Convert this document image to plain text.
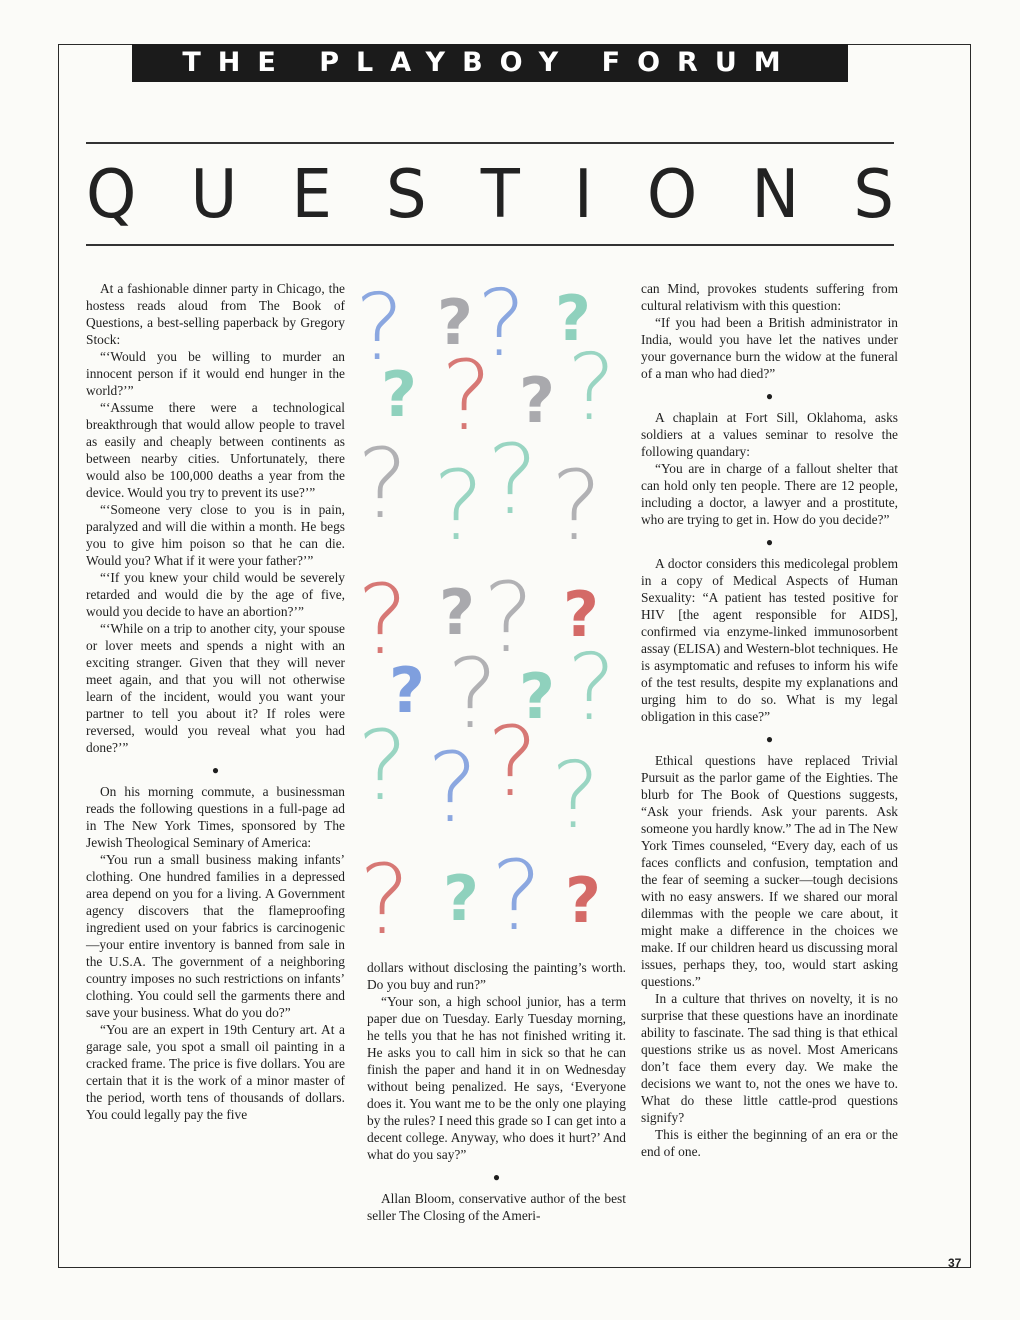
THE PLAYBOY FORUM
Q U E S T I O N S

At a fashionable dinner party in Chicago, the hostess reads aloud from The Book of Questions, a best-selling paperback by Gregory Stock:

“‘Would you be willing to murder an innocent person if it would end hunger in the world?’”

“‘Assume there were a technological breakthrough that would allow people to travel as easily and cheaply between continents as between nearby cities. Unfortunately, there would also be 100,000 deaths a year from the device. Would you try to prevent its use?’”

“‘Someone very close to you is in pain, paralyzed and will die within a month. He begs you to give him poison so that he can die. Would you? What if it were your father?’”

“‘If you knew your child would be severely retarded and would die by the age of five, would you decide to have an abortion?’”

“‘While on a trip to another city, your spouse or lover meets and spends a night with an exciting stranger. Given that they will never meet again, and that you will not otherwise learn of the incident, would you want your partner to tell you about it? If roles were reversed, would you reveal what you had done?’”

●

On his morning commute, a businessman reads the following questions in a full-page ad in The New York Times, sponsored by The Jewish Theological Seminary of America:

“You run a small business making infants’ clothing. One hundred families in a depressed area depend on you for a living. A Government agency discovers that the flameproofing ingredient used on your fabrics is carcinogenic—your entire inventory is banned from sale in the U.S.A. The government of a neighboring country imposes no such restrictions on infants’ clothing. You could sell the garments there and save your business. What do you do?”

“You are an expert in 19th Century art. At a garage sale, you spot a small oil painting in a cracked frame. The price is five dollars. You are certain that it is the work of a minor master of the period, worth tens of thousands of dollars. You could legally pay the five

? ? ? ?
? ? ? ?
? ? ? ?
? ? ? ?
? ? ? ?
? ? ? ?
? ? ? ?

dollars without disclosing the painting’s worth. Do you buy and run?”

“Your son, a high school junior, has a term paper due on Tuesday. Early Tuesday morning, he tells you that he has not finished writing it. He asks you to call him in sick so that he can finish the paper and hand it in on Wednesday without being penalized. He says, ‘Everyone does it. You want me to be the only one playing by the rules? I need this grade so I can get into a decent college. Anyway, who does it hurt?’ And what do you say?”

●

Allan Bloom, conservative author of the best seller The Closing of the Ameri-

can Mind, provokes students suffering from cultural relativism with this question:

“If you had been a British administrator in India, would you have let the natives under your governance burn the widow at the funeral of a man who had died?”

●

A chaplain at Fort Sill, Oklahoma, asks soldiers at a values seminar to resolve the following quandary:

“You are in charge of a fallout shelter that can hold only ten people. There are 12 people, including a doctor, a lawyer and a prostitute, who are trying to get in. How do you decide?”

●

A doctor considers this medicolegal problem in a copy of Medical Aspects of Human Sexuality: “A patient has tested positive for HIV [the agent responsible for AIDS], confirmed via enzyme-linked immunosorbent assay (ELISA) and Western-blot techniques. He is asymptomatic and refuses to inform his wife of the test results, despite my explanations and urging him to do so. What is my legal obligation in this case?”

●

Ethical questions have replaced Trivial Pursuit as the parlor game of the Eighties. The blurb for The Book of Questions suggests, “Ask your friends. Ask your parents. Ask someone you hardly know.” The ad in The New York Times counseled, “Every day, each of us faces conflicts and confusion, temptation and the fear of seeming a sucker—tough decisions with no easy answers. If we shared our moral dilemmas with the people we care about, it might make a difference in the choices we make. If our children heard us discussing moral issues, perhaps they, too, would start asking questions.”

In a culture that thrives on novelty, it is no surprise that these questions have an inordinate ability to fascinate. The sad thing is that ethical questions strike us as novel. Most Americans don’t face them every day. We make the decisions we want to, not the ones we have to. What do these little cattle-prod questions signify?

This is either the beginning of an era or the end of one.

37
